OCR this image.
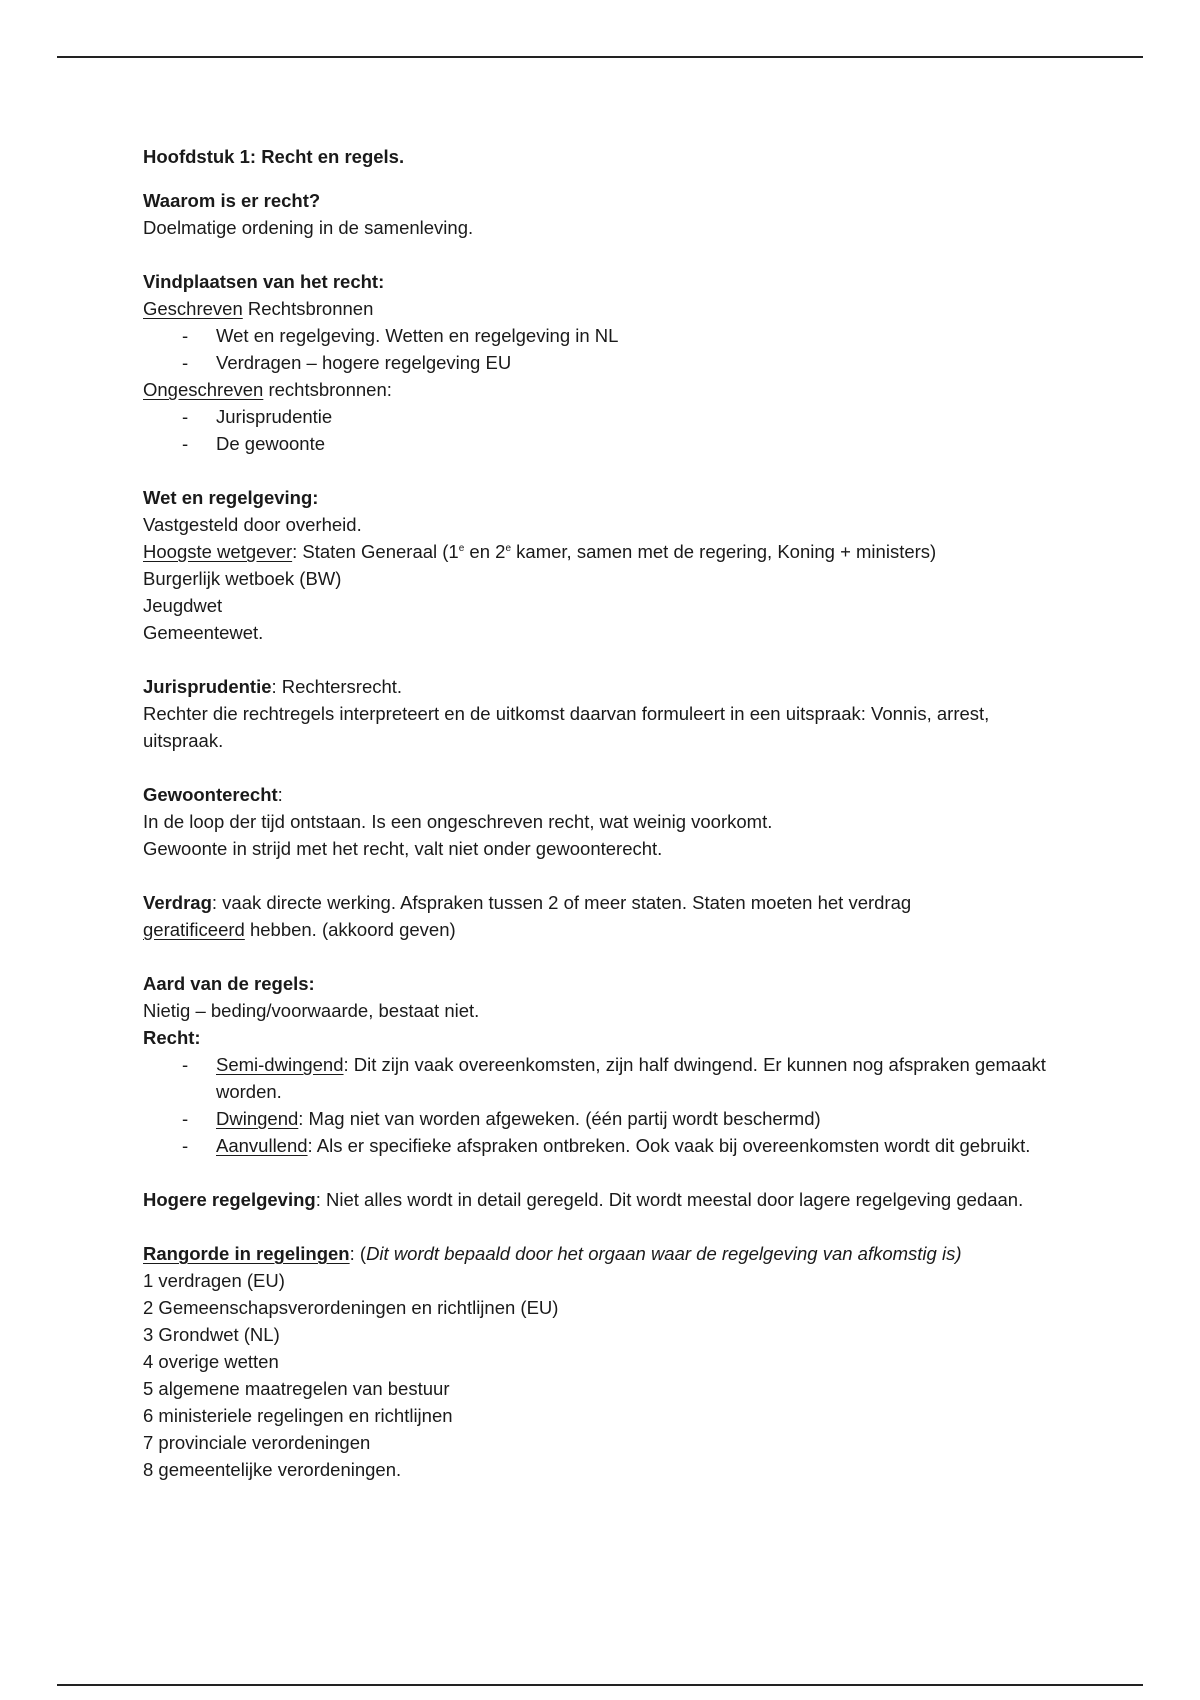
Hoofdstuk 1: Recht en regels.

Waarom is er recht?

Doelmatige ordening in de samenleving.

Vindplaatsen van het recht:

Geschreven Rechtsbronnen

- Wet en regelgeving. Wetten en regelgeving in NL
- Verdragen – hogere regelgeving EU

Ongeschreven rechtsbronnen:

- Jurisprudentie
- De gewoonte

Wet en regelgeving:

Vastgesteld door overheid.

Hoogste wetgever: Staten Generaal (1e en 2e kamer, samen met de regering, Koning + ministers)

Burgerlijk wetboek (BW)

Jeugdwet

Gemeentewet.

Jurisprudentie: Rechtersrecht.

Rechter die rechtregels interpreteert en de uitkomst daarvan formuleert in een uitspraak: Vonnis, arrest, uitspraak.

Gewoonterecht:

In de loop der tijd ontstaan. Is een ongeschreven recht, wat weinig voorkomt.

Gewoonte in strijd met het recht, valt niet onder gewoonterecht.

Verdrag: vaak directe werking. Afspraken tussen 2 of meer staten. Staten moeten het verdrag

geratificeerd hebben. (akkoord geven)

Aard van de regels:

Nietig – beding/voorwaarde, bestaat niet.

Recht:

- Semi-dwingend: Dit zijn vaak overeenkomsten, zijn half dwingend. Er kunnen nog afspraken gemaakt worden.
- Dwingend: Mag niet van worden afgeweken. (één partij wordt beschermd)
- Aanvullend: Als er specifieke afspraken ontbreken. Ook vaak bij overeenkomsten wordt dit gebruikt.

Hogere regelgeving: Niet alles wordt in detail geregeld. Dit wordt meestal door lagere regelgeving gedaan.

Rangorde in regelingen: (Dit wordt bepaald door het orgaan waar de regelgeving van afkomstig is)

1 verdragen (EU)

2 Gemeenschapsverordeningen en richtlijnen (EU)

3 Grondwet (NL)

4 overige wetten

5 algemene maatregelen van bestuur

6 ministeriele regelingen en richtlijnen

7 provinciale verordeningen

8 gemeentelijke verordeningen.
